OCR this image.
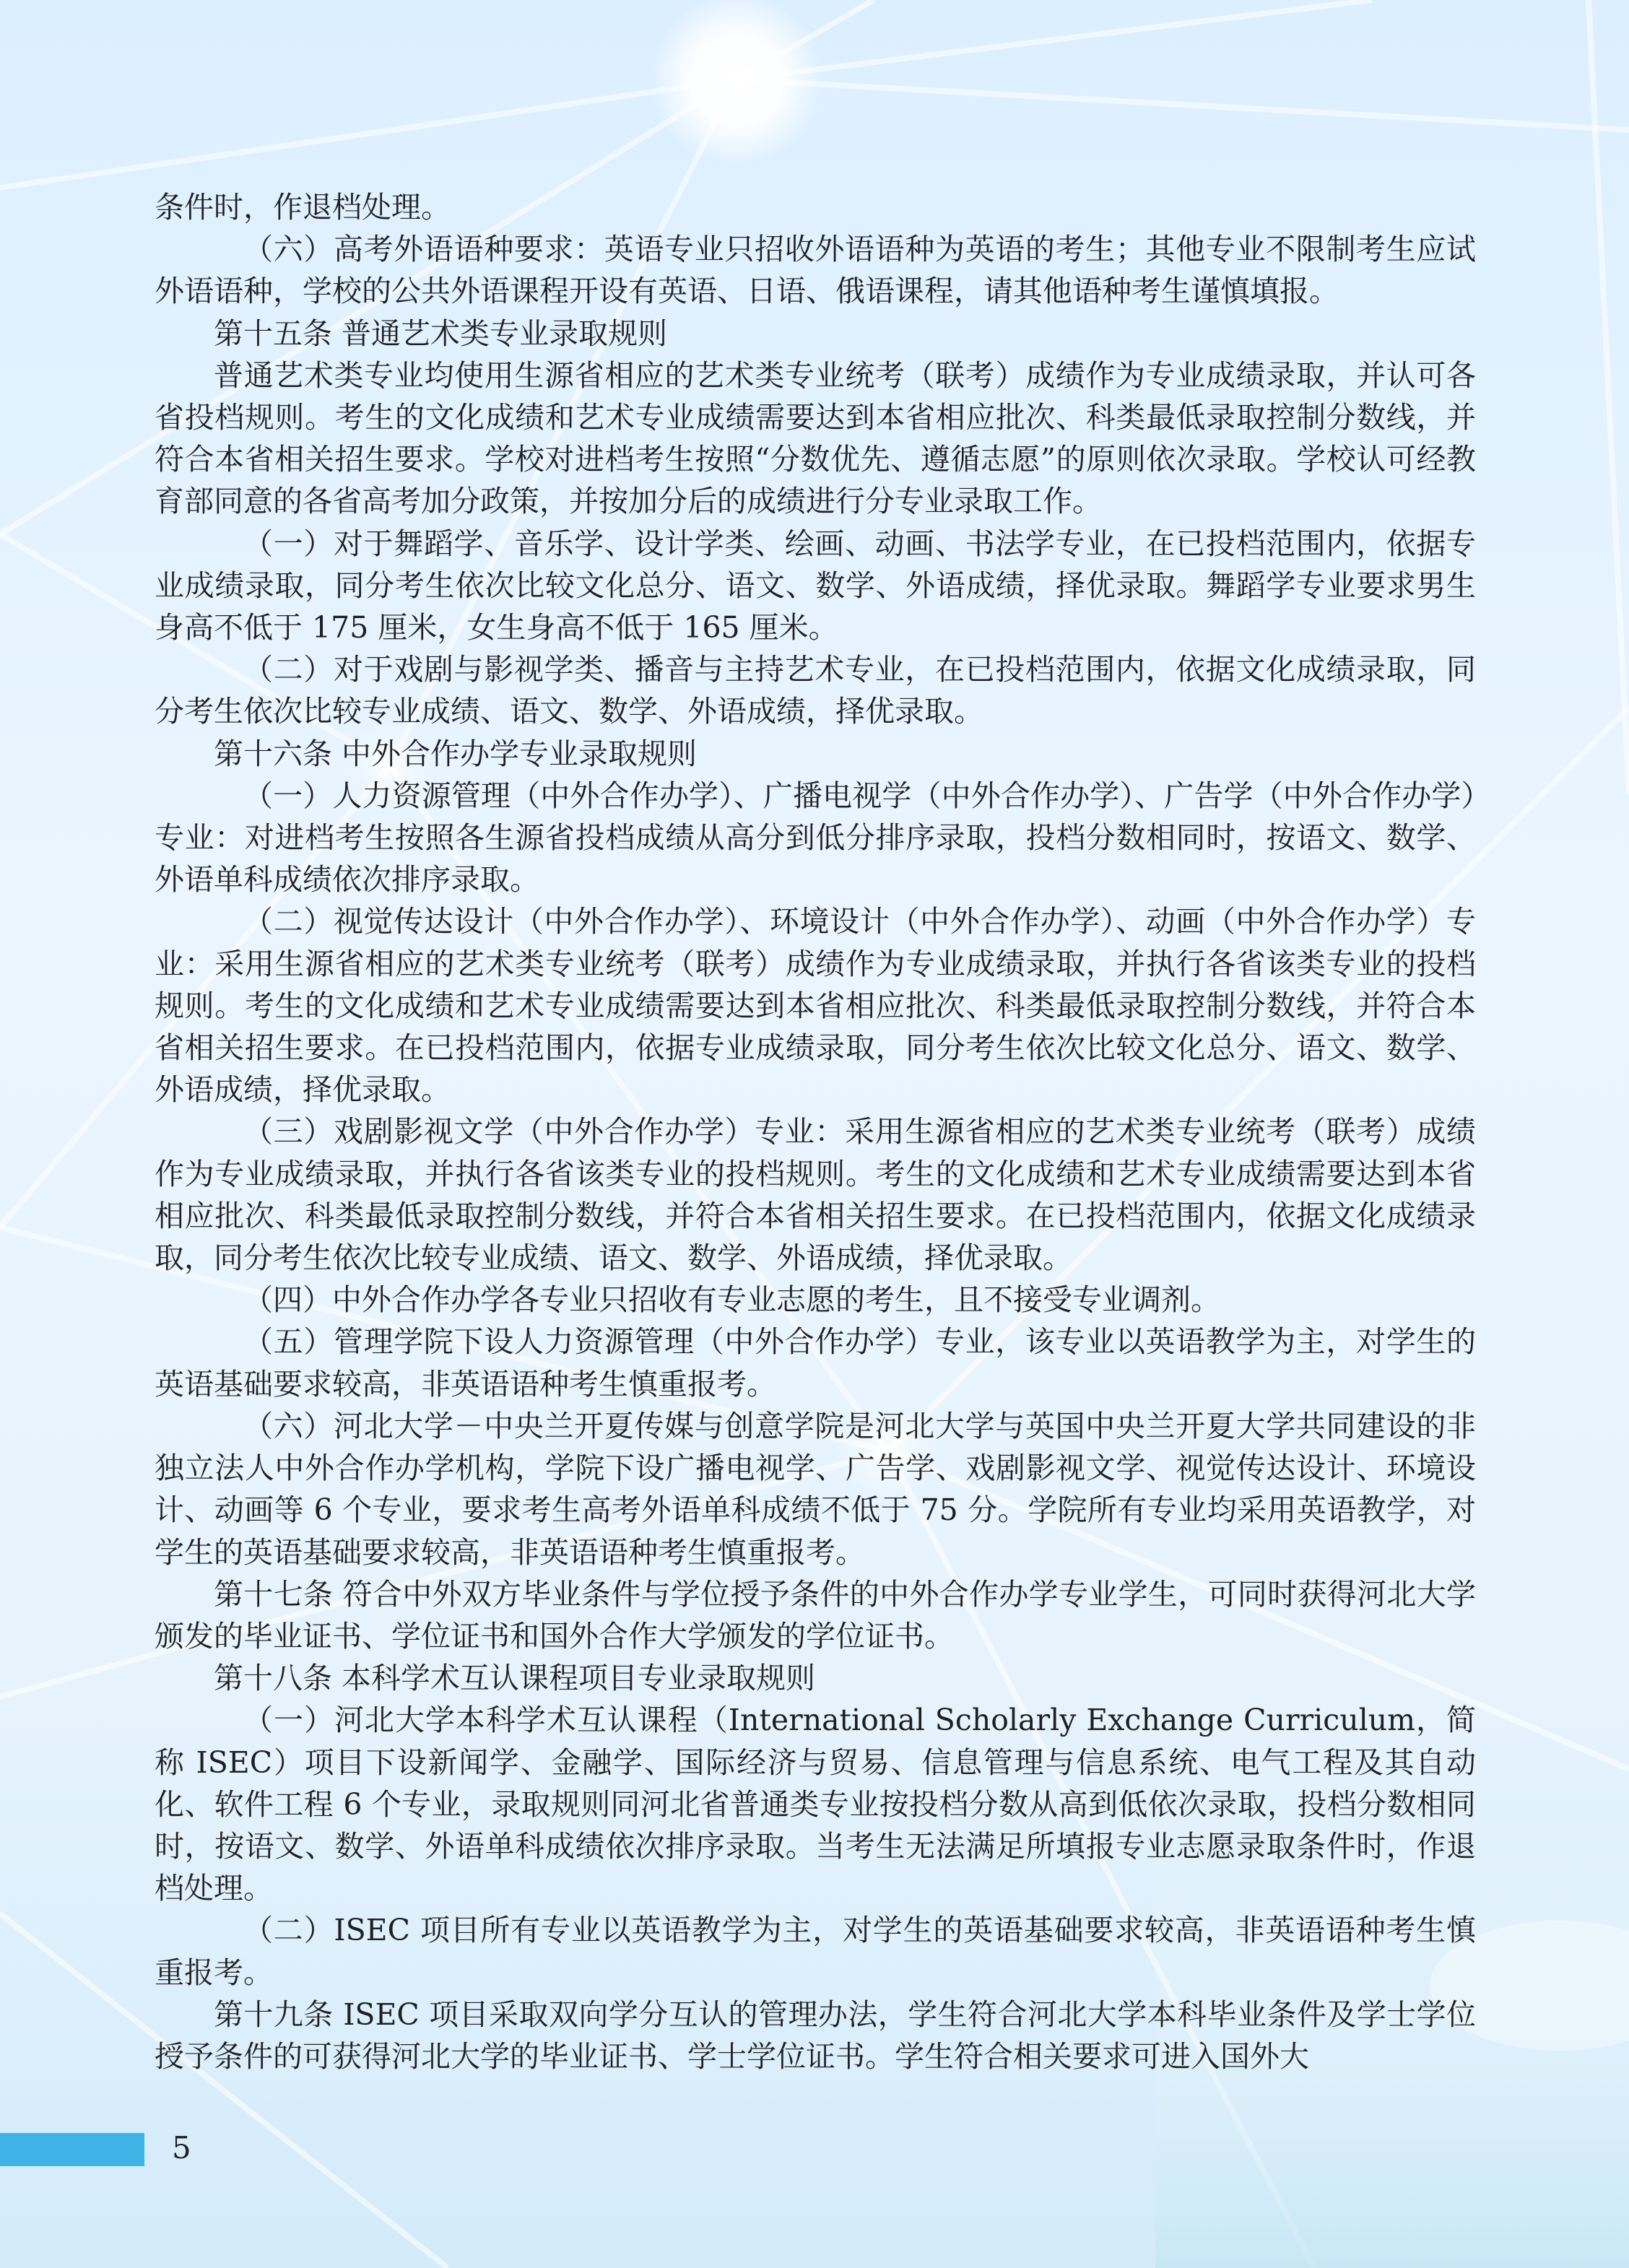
条件时，作退档处理。

（六）高考外语语种要求：英语专业只招收外语语种为英语的考生；其他专业不限制考生应试外语语种，学校的公共外语课程开设有英语、日语、俄语课程，请其他语种考生谨慎填报。

第十五条 普通艺术类专业录取规则

普通艺术类专业均使用生源省相应的艺术类专业统考（联考）成绩作为专业成绩录取，并认可各省投档规则。考生的文化成绩和艺术专业成绩需要达到本省相应批次、科类最低录取控制分数线，并符合本省相关招生要求。学校对进档考生按照“分数优先、遵循志愿”的原则依次录取。学校认可经教育部同意的各省高考加分政策，并按加分后的成绩进行分专业录取工作。

（一）对于舞蹈学、音乐学、设计学类、绘画、动画、书法学专业，在已投档范围内，依据专业成绩录取，同分考生依次比较文化总分、语文、数学、外语成绩，择优录取。舞蹈学专业要求男生身高不低于 175 厘米，女生身高不低于 165 厘米。

（二）对于戏剧与影视学类、播音与主持艺术专业，在已投档范围内，依据文化成绩录取，同分考生依次比较专业成绩、语文、数学、外语成绩，择优录取。

第十六条 中外合作办学专业录取规则

（一）人力资源管理（中外合作办学）、广播电视学（中外合作办学）、广告学（中外合作办学）专业：对进档考生按照各生源省投档成绩从高分到低分排序录取，投档分数相同时，按语文、数学、外语单科成绩依次排序录取。

（二）视觉传达设计（中外合作办学）、环境设计（中外合作办学）、动画（中外合作办学）专业：采用生源省相应的艺术类专业统考（联考）成绩作为专业成绩录取，并执行各省该类专业的投档规则。考生的文化成绩和艺术专业成绩需要达到本省相应批次、科类最低录取控制分数线，并符合本省相关招生要求。在已投档范围内，依据专业成绩录取，同分考生依次比较文化总分、语文、数学、外语成绩，择优录取。

（三）戏剧影视文学（中外合作办学）专业：采用生源省相应的艺术类专业统考（联考）成绩作为专业成绩录取，并执行各省该类专业的投档规则。考生的文化成绩和艺术专业成绩需要达到本省相应批次、科类最低录取控制分数线，并符合本省相关招生要求。在已投档范围内，依据文化成绩录取，同分考生依次比较专业成绩、语文、数学、外语成绩，择优录取。

（四）中外合作办学各专业只招收有专业志愿的考生，且不接受专业调剂。

（五）管理学院下设人力资源管理（中外合作办学）专业，该专业以英语教学为主，对学生的英语基础要求较高，非英语语种考生慎重报考。

（六）河北大学－中央兰开夏传媒与创意学院是河北大学与英国中央兰开夏大学共同建设的非独立法人中外合作办学机构，学院下设广播电视学、广告学、戏剧影视文学、视觉传达设计、环境设计、动画等 6 个专业，要求考生高考外语单科成绩不低于 75 分。学院所有专业均采用英语教学，对学生的英语基础要求较高，非英语语种考生慎重报考。

第十七条 符合中外双方毕业条件与学位授予条件的中外合作办学专业学生，可同时获得河北大学颁发的毕业证书、学位证书和国外合作大学颁发的学位证书。

第十八条 本科学术互认课程项目专业录取规则

（一）河北大学本科学术互认课程（International Scholarly Exchange Curriculum，简称 ISEC）项目下设新闻学、金融学、国际经济与贸易、信息管理与信息系统、电气工程及其自动化、软件工程 6 个专业，录取规则同河北省普通类专业按投档分数从高到低依次录取，投档分数相同时，按语文、数学、外语单科成绩依次排序录取。当考生无法满足所填报专业志愿录取条件时，作退档处理。

（二）ISEC 项目所有专业以英语教学为主，对学生的英语基础要求较高，非英语语种考生慎重报考。

第十九条 ISEC 项目采取双向学分互认的管理办法，学生符合河北大学本科毕业条件及学士学位授予条件的可获得河北大学的毕业证书、学士学位证书。学生符合相关要求可进入国外大

5
